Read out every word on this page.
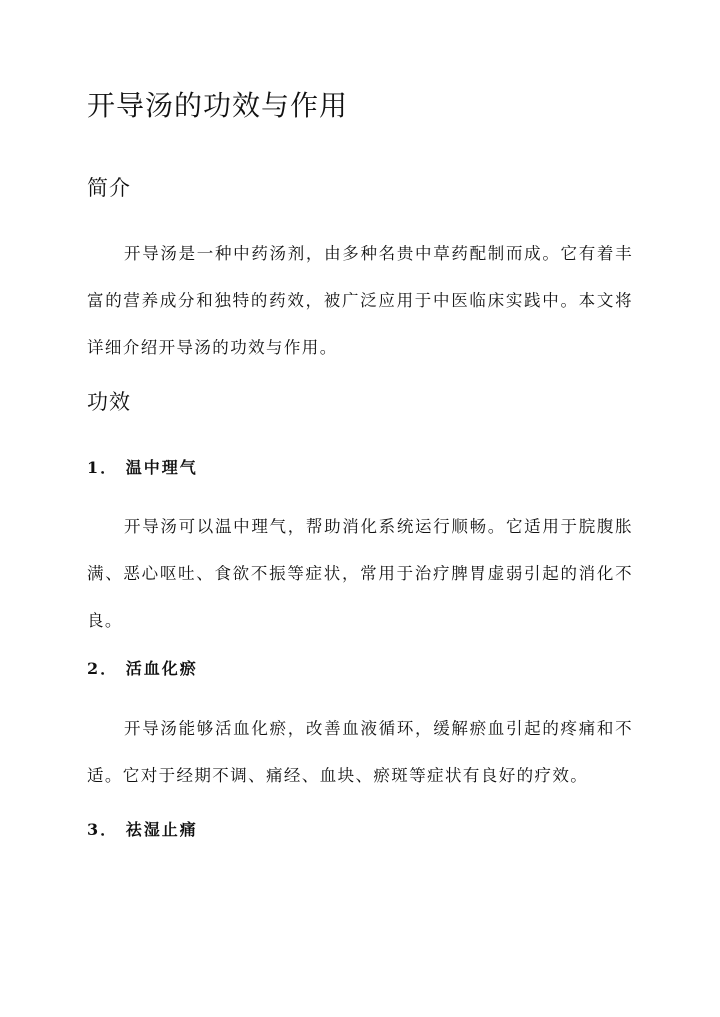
开导汤的功效与作用
简介

开导汤是一种中药汤剂，由多种名贵中草药配制而成。它有着丰富的营养成分和独特的药效，被广泛应用于中医临床实践中。本文将详细介绍开导汤的功效与作用。

功效
1． 温中理气

开导汤可以温中理气，帮助消化系统运行顺畅。它适用于脘腹胀满、恶心呕吐、食欲不振等症状，常用于治疗脾胃虚弱引起的消化不良。

2． 活血化瘀

开导汤能够活血化瘀，改善血液循环，缓解瘀血引起的疼痛和不适。它对于经期不调、痛经、血块、瘀斑等症状有良好的疗效。

3． 祛湿止痛
